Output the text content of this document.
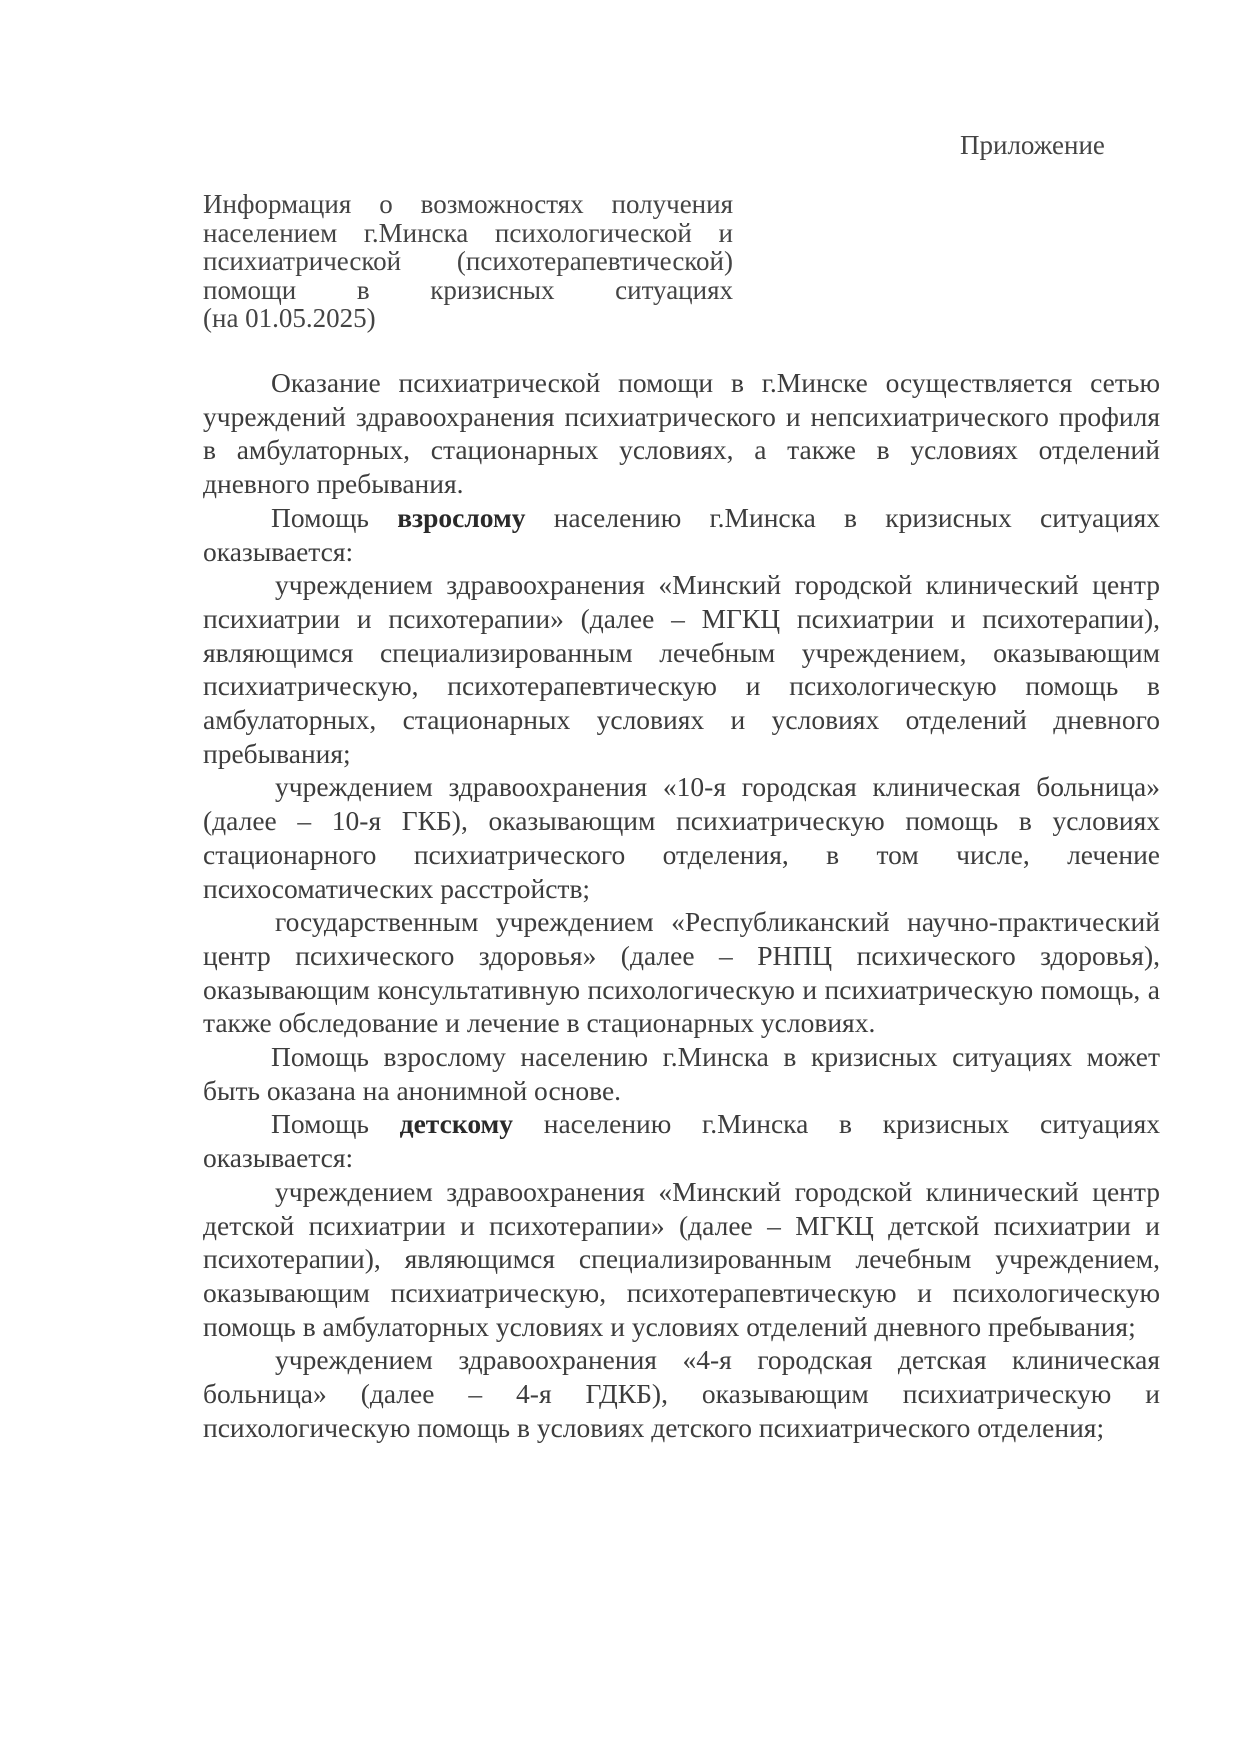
Приложение
Информация о возможностях получения
населением г.Минска психологической и
психиатрической (психотерапевтической)
помощи в кризисных ситуациях
(на 01.05.2025)

Оказание психиатрической помощи в г.Минске осуществляется сетью учреждений здравоохранения психиатрического и непсихиатрического профиля в амбулаторных, стационарных условиях, а также в условиях отделений дневного пребывания.

Помощь взрослому населению г.Минска в кризисных ситуациях оказывается:

учреждением здравоохранения «Минский городской клинический центр психиатрии и психотерапии» (далее – МГКЦ психиатрии и психотерапии), являющимся специализированным лечебным учреждением, оказывающим психиатрическую, психотерапевтическую и психологическую помощь в амбулаторных, стационарных условиях и условиях отделений дневного пребывания;

учреждением здравоохранения «10-я городская клиническая больница» (далее – 10-я ГКБ), оказывающим психиатрическую помощь в условиях стационарного психиатрического отделения, в том числе, лечение психосоматических расстройств;

государственным учреждением «Республиканский научно-практический центр психического здоровья» (далее – РНПЦ психического здоровья), оказывающим консультативную психологическую и психиатрическую помощь, а также обследование и лечение в стационарных условиях.

Помощь взрослому населению г.Минска в кризисных ситуациях может быть оказана на анонимной основе.

Помощь детскому населению г.Минска в кризисных ситуациях оказывается:

учреждением здравоохранения «Минский городской клинический центр детской психиатрии и психотерапии» (далее – МГКЦ детской психиатрии и психотерапии), являющимся специализированным лечебным учреждением, оказывающим психиатрическую, психотерапевтическую и психологическую помощь в амбулаторных условиях и условиях отделений дневного пребывания;

учреждением здравоохранения «4-я городская детская клиническая больница» (далее – 4-я ГДКБ), оказывающим психиатрическую и психологическую помощь в условиях детского психиатрического отделения;
